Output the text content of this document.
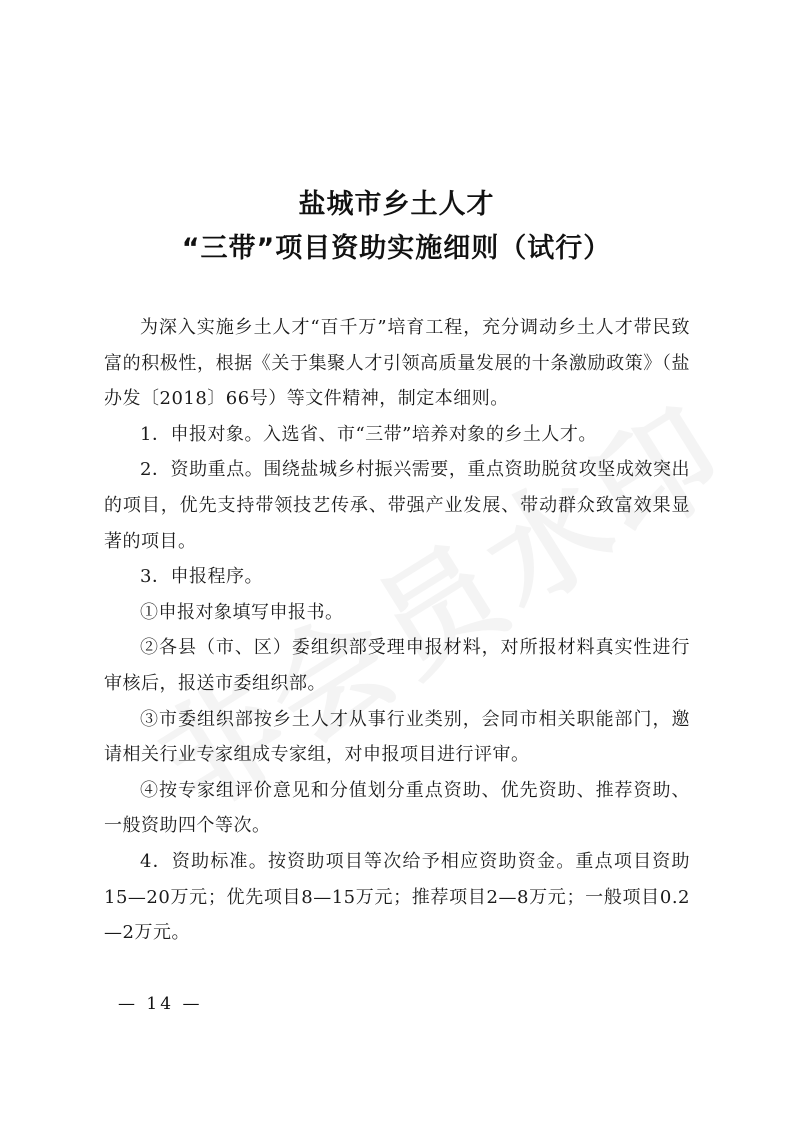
盐城市乡土人才
“三带”项目资助实施细则（试行）

为深入实施乡土人才“百千万”培育工程，充分调动乡土人才带民致富的积极性，根据《关于集聚人才引领高质量发展的十条激励政策》（盐办发〔2018〕66号）等文件精神，制定本细则。

1．申报对象。入选省、市“三带”培养对象的乡土人才。

2．资助重点。围绕盐城乡村振兴需要，重点资助脱贫攻坚成效突出的项目，优先支持带领技艺传承、带强产业发展、带动群众致富效果显著的项目。

3．申报程序。

①申报对象填写申报书。

②各县（市、区）委组织部受理申报材料，对所报材料真实性进行审核后，报送市委组织部。

③市委组织部按乡土人才从事行业类别，会同市相关职能部门，邀请相关行业专家组成专家组，对申报项目进行评审。

④按专家组评价意见和分值划分重点资助、优先资助、推荐资助、一般资助四个等次。

4．资助标准。按资助项目等次给予相应资助资金。重点项目资助15—20万元；优先项目8—15万元；推荐项目2—8万元；一般项目0.2—2万元。

— 14 —
